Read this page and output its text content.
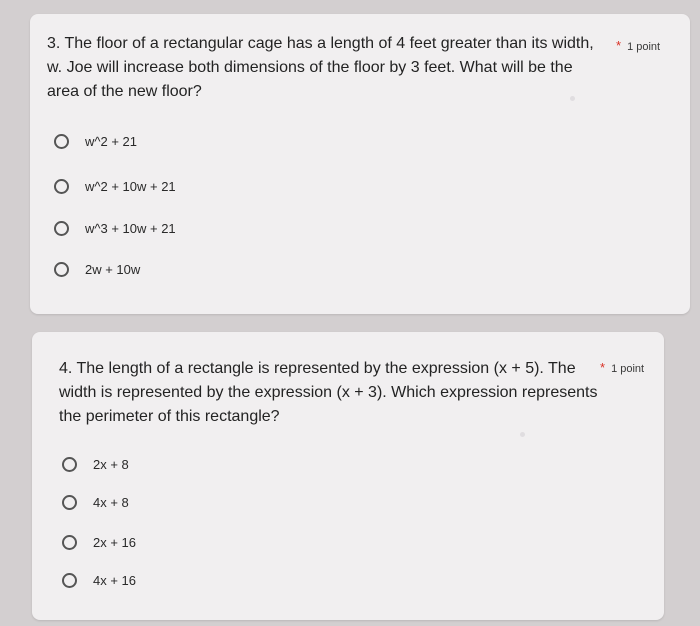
3. The floor of a rectangular cage has a length of 4 feet greater than its width, w. Joe will increase both dimensions of the floor by 3 feet. What will be the area of the new floor?
* 1 point
w^2 + 21
w^2 + 10w + 21
w^3 + 10w + 21
2w + 10w
4. The length of a rectangle is represented by the expression (x + 5). The width is represented by the expression (x + 3). Which expression represents the perimeter of this rectangle?
* 1 point
2x + 8
4x + 8
2x + 16
4x + 16
